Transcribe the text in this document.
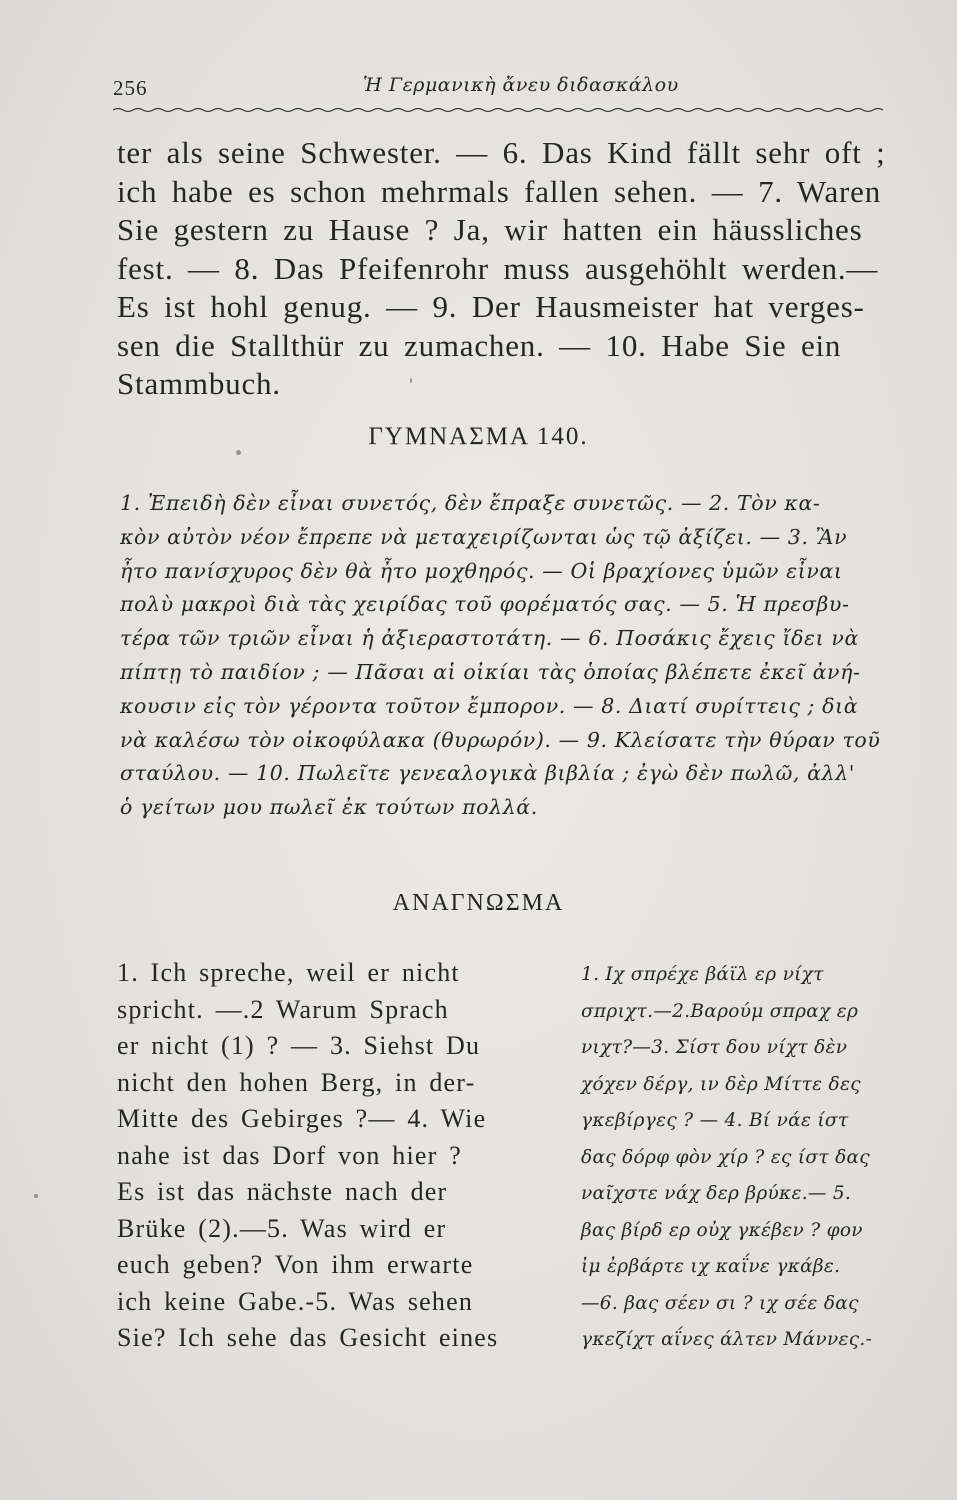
256	Ἡ Γερμανικὴ ἄνευ διδασκάλου
ter als seine Schwester. — 6. Das Kind fällt sehr oft ;
ich habe es schon mehrmals fallen sehen. — 7. Waren
Sie gestern zu Hause ? Ja, wir hatten ein häussliches
fest. — 8. Das Pfeifenrohr muss ausgehöhlt werden.—
Es ist hohl genug. — 9. Der Hausmeister hat verges-
sen die Stallthür zu zumachen. — 10. Habe Sie ein
Stammbuch.
ΓΥΜΝΑΣΜΑ 140.
1. Ἐπειδὴ δὲν εἶναι συνετός, δὲν ἔπραξε συνετῶς. — 2. Τὸν κα-
κὸν αὐτὸν νέον ἔπρεπε νὰ μεταχειρίζωνται ὡς τῷ ἀξίζει. — 3. Ἂν
ἦτο πανίσχυρος δὲν θὰ ἦτο μοχθηρός. — Οἱ βραχίονες ὑμῶν εἶναι
πολὺ μακροὶ διὰ τὰς χειρίδας τοῦ φορέματός σας. — 5. Ἡ πρεσβυ-
τέρα τῶν τριῶν εἶναι ἡ ἀξιεραστοτάτη. — 6. Ποσάκις ἔχεις ἴδει νὰ
πίπτῃ τὸ παιδίον ; — Πᾶσαι αἱ οἰκίαι τὰς ὁποίας βλέπετε ἐκεῖ ἀνή-
κουσιν εἰς τὸν γέροντα τοῦτον ἔμπορον. — 8. Διατί συρίττεις ; διὰ
νὰ καλέσω τὸν οἰκοφύλακα (θυρωρόν). — 9. Κλείσατε τὴν θύραν τοῦ
σταύλου. — 10. Πωλεῖτε γενεαλογικὰ βιβλία ; ἐγὼ δὲν πωλῶ, ἀλλ'
ὁ γείτων μου πωλεῖ ἐκ τούτων πολλά.
ΑΝΑΓΝΩΣΜΑ
1. Ich spreche, weil er nicht
spricht. —.2 Warum Sprach
er nicht (1) ? — 3. Siehst Du
nicht den hohen Berg, in der-
Mitte des Gebirges ?— 4. Wie
nahe ist das Dorf von hier ?
Es ist das nächste nach der
Brüke (2).—5. Was wird er
euch geben? Von ihm erwarte
ich keine Gabe.-5. Was sehen
Sie? Ich sehe das Gesicht eines
1. Ιχ σπρέχε βάϊλ ερ νίχτ
σπριχτ.—2.Βαρούμ σπραχ ερ
νιχτ?—3. Σίστ δου νίχτ δὲν
χόχεν δέργ, ιν δὲρ Μίττε δες
γκεβίργες ? — 4. Βί νάε ίστ
δας δόρφ φὸν χίρ ? ες ίστ δας
ναῖχστε νάχ δερ βρύκε.— 5.
βας βίρδ ερ οὐχ γκέβεν ? φον
ἰμ ἐρβάρτε ιχ καΐνε γκάβε.
—6. βας σέεν σι ? ιχ σέε δας
γκεζίχτ αΐνες άλτεν Μάννες.-
